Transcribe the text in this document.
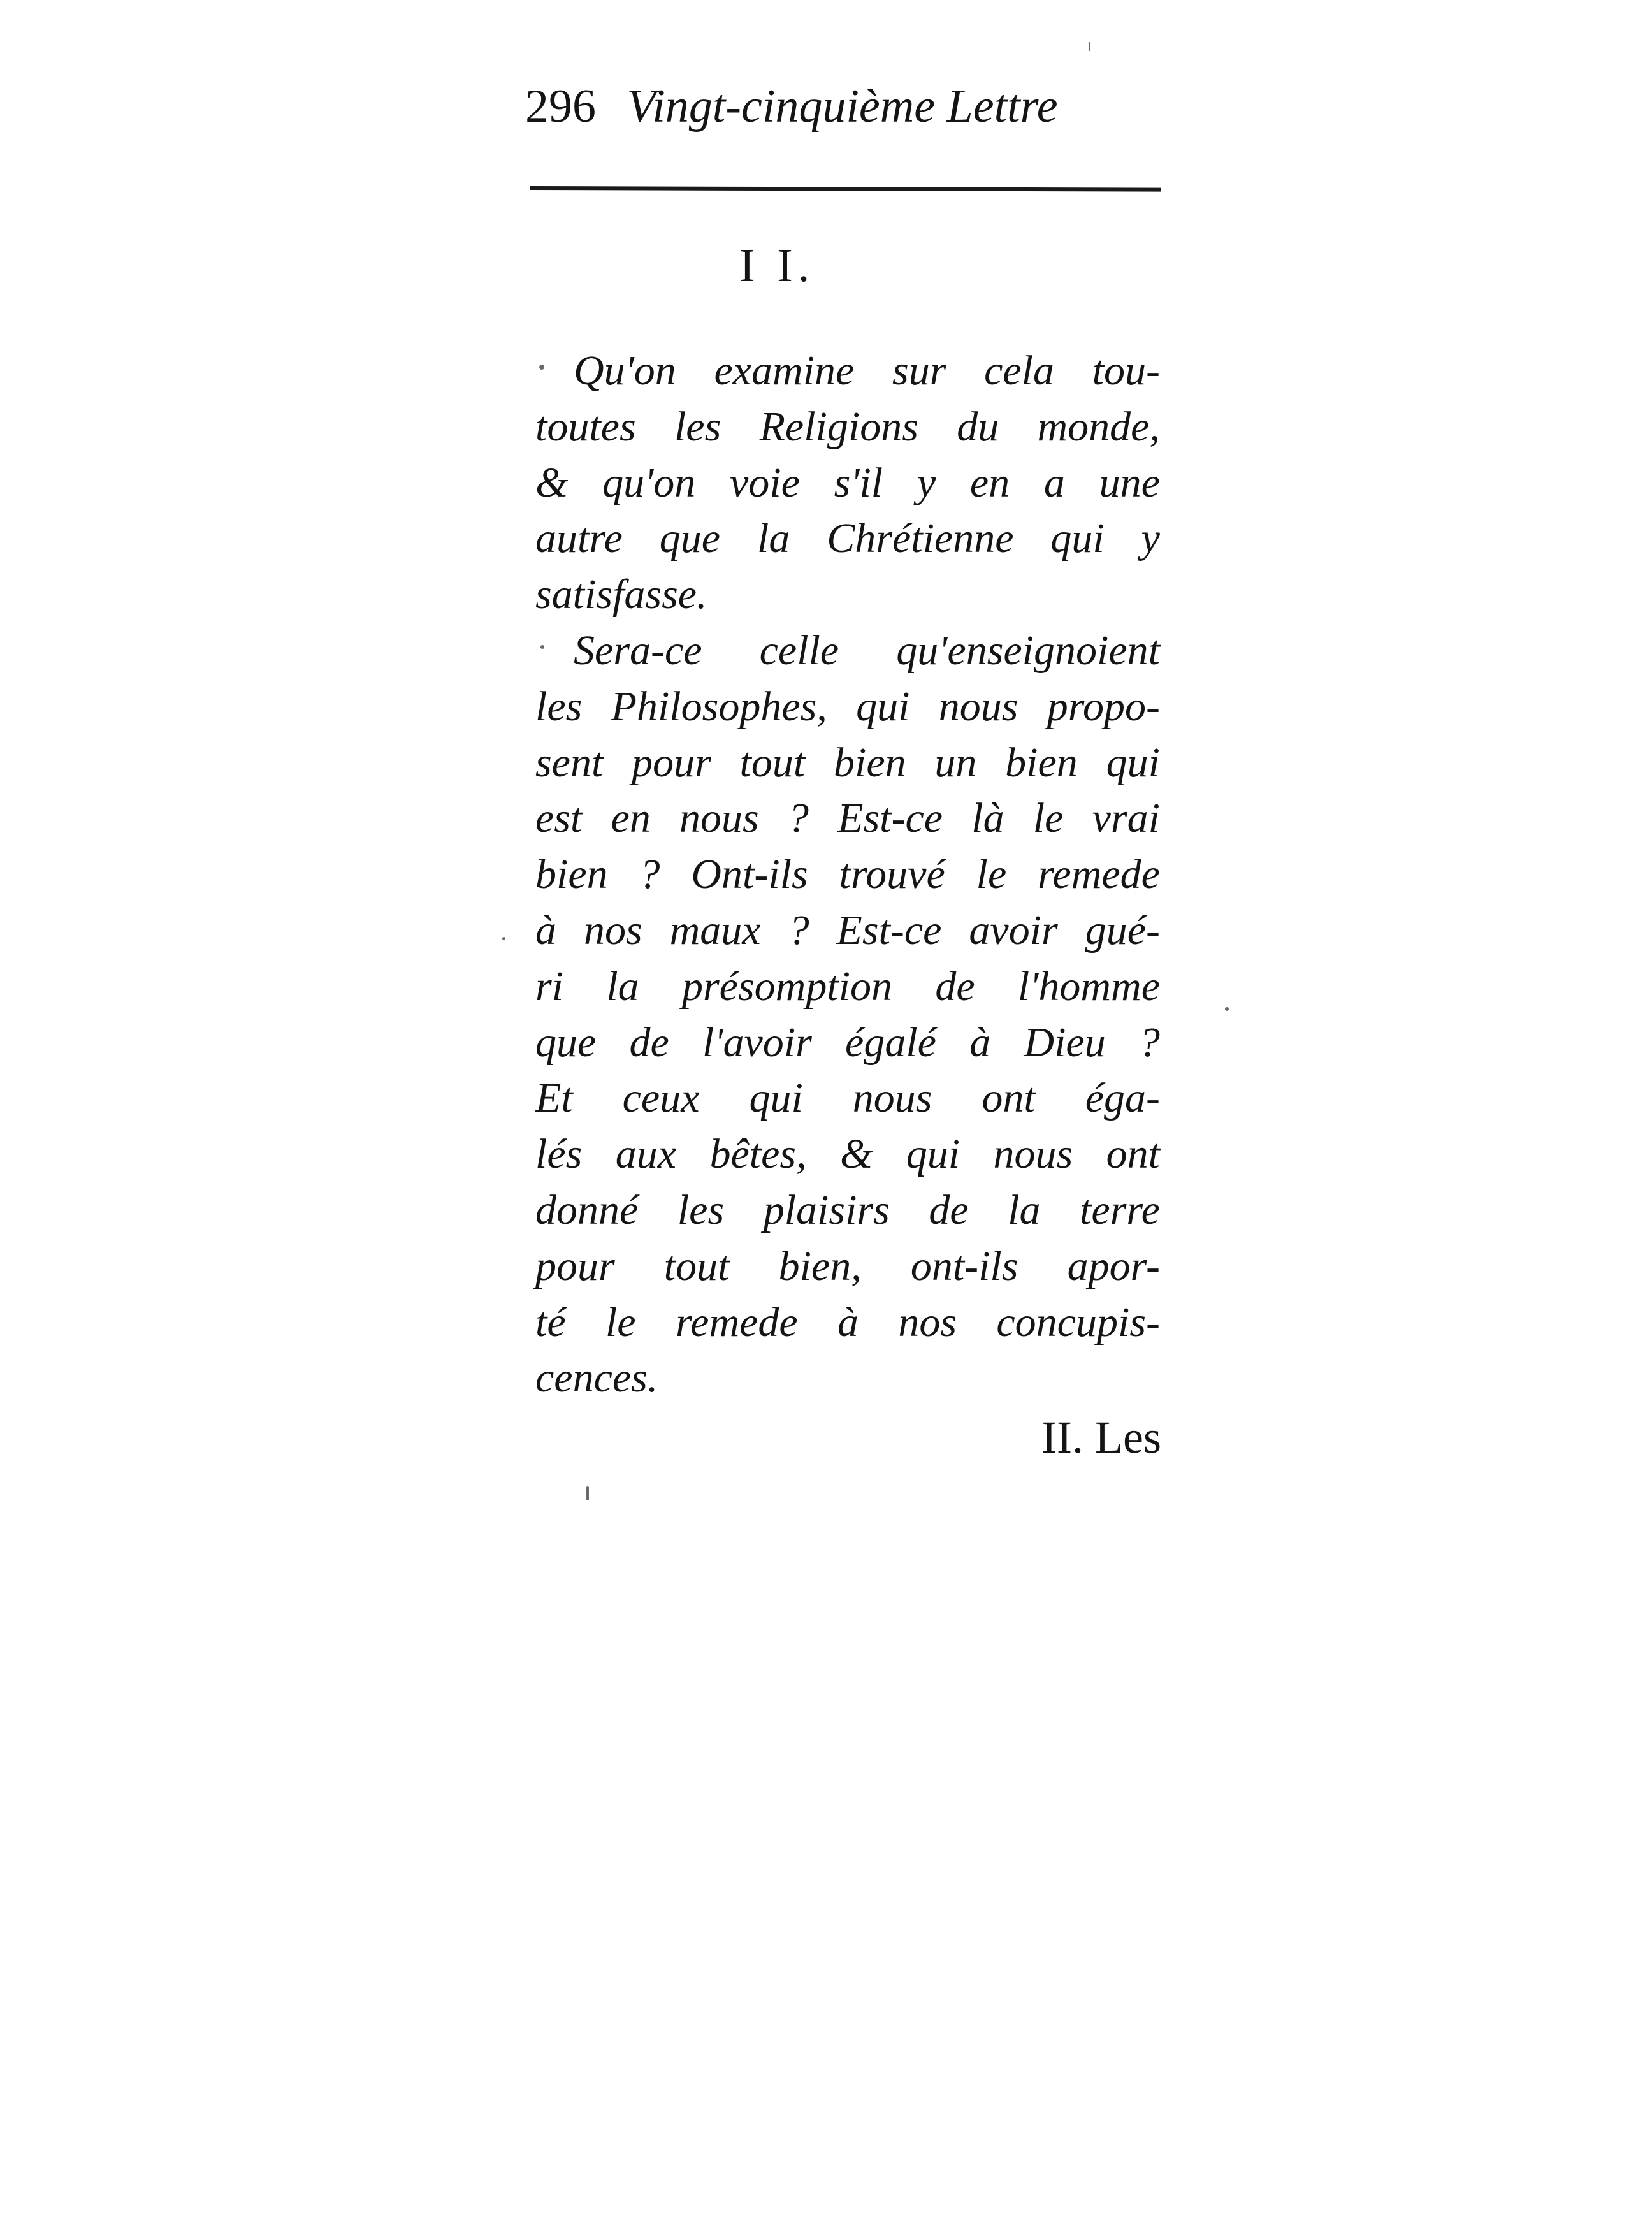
296 Vingt-cinquième Lettre
I I.
Qu'on examine sur cela tou-
toutes les Religions du monde,
& qu'on voie s'il y en a une
autre que la Chrétienne qui y
satisfasse.
Sera-ce celle qu'enseignoient
les Philosophes, qui nous propo-
sent pour tout bien un bien qui
est en nous ? Est-ce là le vrai
bien ? Ont-ils trouvé le remede
à nos maux ? Est-ce avoir gué-
ri la présomption de l'homme
que de l'avoir égalé à Dieu ?
Et ceux qui nous ont éga-
lés aux bêtes, & qui nous ont
donné les plaisirs de la terre
pour tout bien, ont-ils apor-
té le remede à nos concupis-
cences.
II. Les
